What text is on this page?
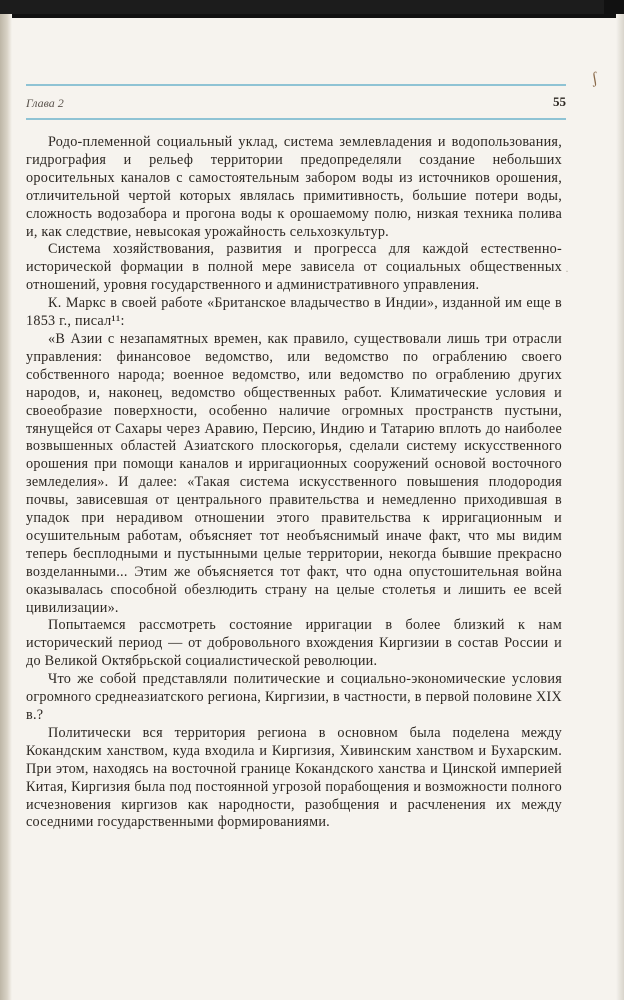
ʃ
·
Глава 2	55

Родо-племенной социальный уклад, система землевладения и водопользования, гидрография и рельеф территории предопределяли создание небольших оросительных каналов с самостоятельным забором воды из источников орошения, отличительной чертой которых являлась примитивность, большие потери воды, сложность водозабора и прогона воды к орошаемому полю, низкая техника полива и, как следствие, невысокая урожайность сельхозкультур.

Система хозяйствования, развития и прогресса для каждой естественно-исторической формации в полной мере зависела от социальных общественных отношений, уровня государственного и административного управления.

К. Маркс в своей работе «Британское владычество в Индии», изданной им еще в 1853 г., писал¹¹:

«В Азии с незапамятных времен, как правило, существовали лишь три отрасли управления: финансовое ведомство, или ведомство по ограблению своего собственного народа; военное ведомство, или ведомство по ограблению других народов, и, наконец, ведомство общественных работ. Климатические условия и своеобразие поверхности, особенно наличие огромных пространств пустыни, тянущейся от Сахары через Аравию, Персию, Индию и Татарию вплоть до наиболее возвышенных областей Азиатского плоскогорья, сделали систему искусственного орошения при помощи каналов и ирригационных сооружений основой восточного земледелия». И далее: «Такая система искусственного повышения плодородия почвы, зависевшая от центрального правительства и немедленно приходившая в упадок при нерадивом отношении этого правительства к ирригационным и осушительным работам, объясняет тот необъяснимый иначе факт, что мы видим теперь бесплодными и пустынными целые территории, некогда бывшие прекрасно возделанными... Этим же объясняется тот факт, что одна опустошительная война оказывалась способной обезлюдить страну на целые столетья и лишить ее всей цивилизации».

Попытаемся рассмотреть состояние ирригации в более близкий к нам исторический период — от добровольного вхождения Киргизии в состав России и до Великой Октябрьской социалистической революции.

Что же собой представляли политические и социально-экономические условия огромного среднеазиатского региона, Киргизии, в частности, в первой половине XIX в.?

Политически вся территория региона в основном была поделена между Кокандским ханством, куда входила и Киргизия, Хивинским ханством и Бухарским. При этом, находясь на восточной границе Кокандского ханства и Цинской империей Китая, Киргизия была под постоянной угрозой порабощения и возможности полного исчезновения киргизов как народности, разобщения и расчленения их между соседними государственными формированиями.
